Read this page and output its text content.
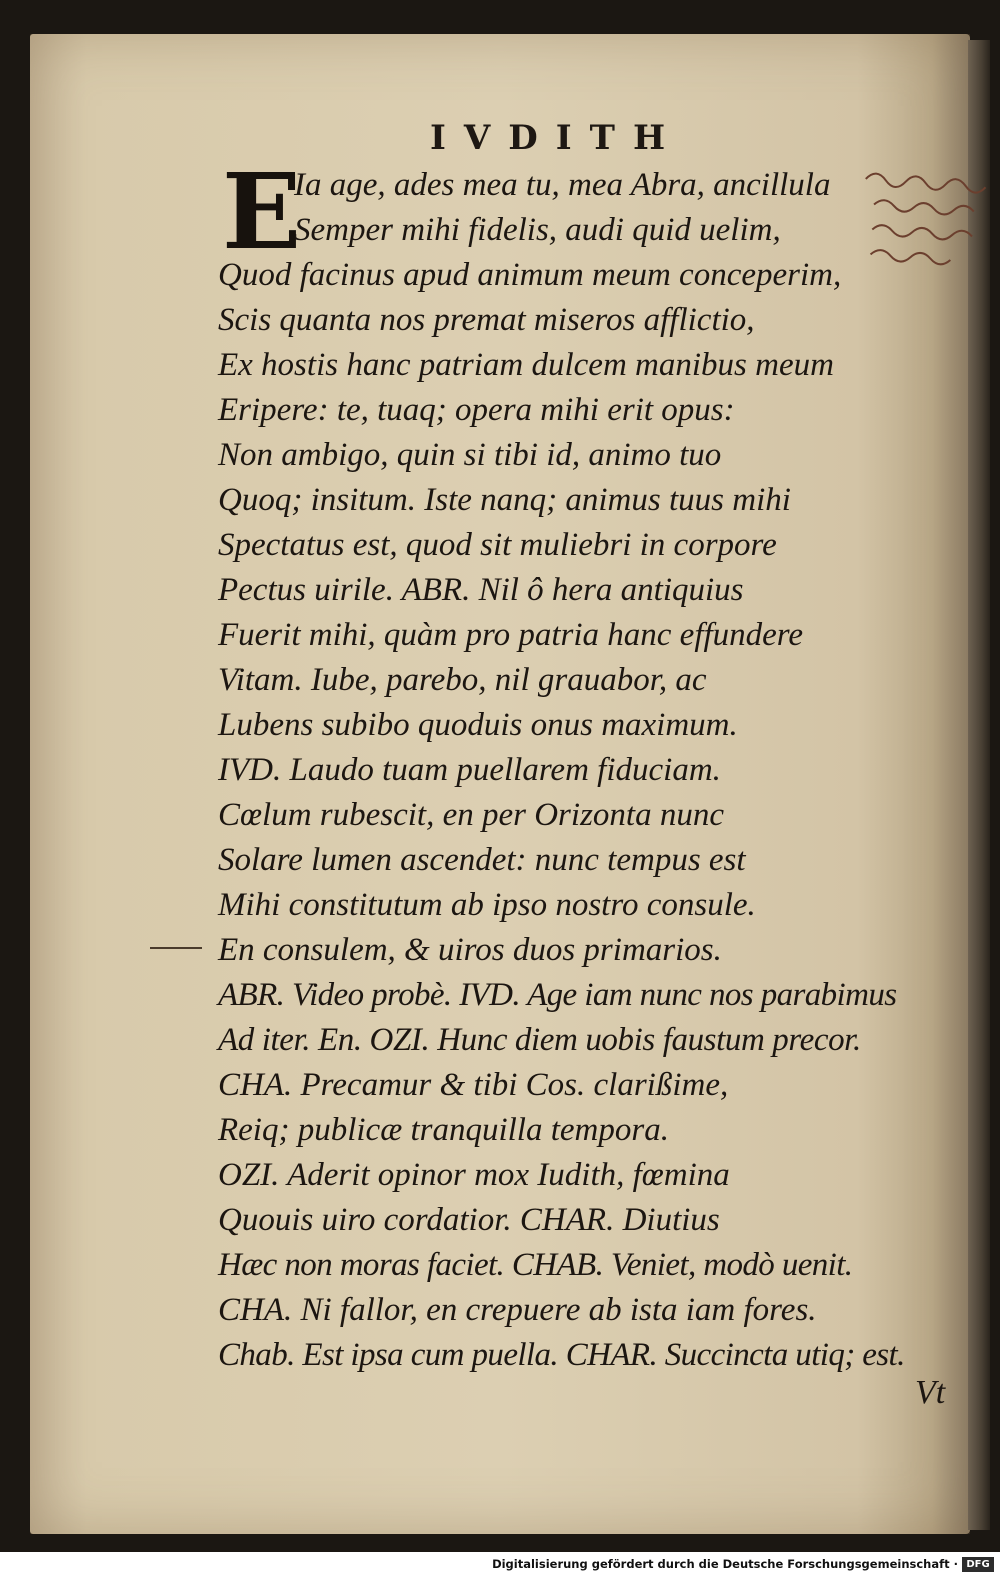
IVDITH
E
Ia age, ades mea tu, mea Abra, ancillula
Semper mihi fidelis, audi quid uelim,
Quod facinus apud animum meum conceperim,
Scis quanta nos premat miseros afflictio,
Ex hostis hanc patriam dulcem manibus meum
Eripere: te, tuaq; opera mihi erit opus:
Non ambigo, quin si tibi id, animo tuo
Quoq; insitum. Iste nanq; animus tuus mihi
Spectatus est, quod sit muliebri in corpore
Pectus uirile. ABR. Nil ô hera antiquius
Fuerit mihi, quàm pro patria hanc effundere
Vitam. Iube, parebo, nil grauabor, ac
Lubens subibo quoduis onus maximum.
IVD. Laudo tuam puellarem fiduciam.
Cœlum rubescit, en per Orizonta nunc
Solare lumen ascendet: nunc tempus est
Mihi constitutum ab ipso nostro consule.
En consulem, & uiros duos primarios.
ABR. Video probè. IVD. Age iam nunc nos parabimus
Ad iter. En. OZI. Hunc diem uobis faustum precor.
CHA. Precamur & tibi Cos. clarißime,
Reiq; publicæ tranquilla tempora.
OZI. Aderit opinor mox Iudith, fœmina
Quouis uiro cordatior. CHAR. Diutius
Hæc non moras faciet. CHAB. Veniet, modò uenit.
CHA. Ni fallor, en crepuere ab ista iam fores.
Chab. Est ipsa cum puella. CHAR. Succincta utiq; est.
Vt
Digitalisierung gefördert durch die Deutsche Forschungsgemeinschaft · DFG
